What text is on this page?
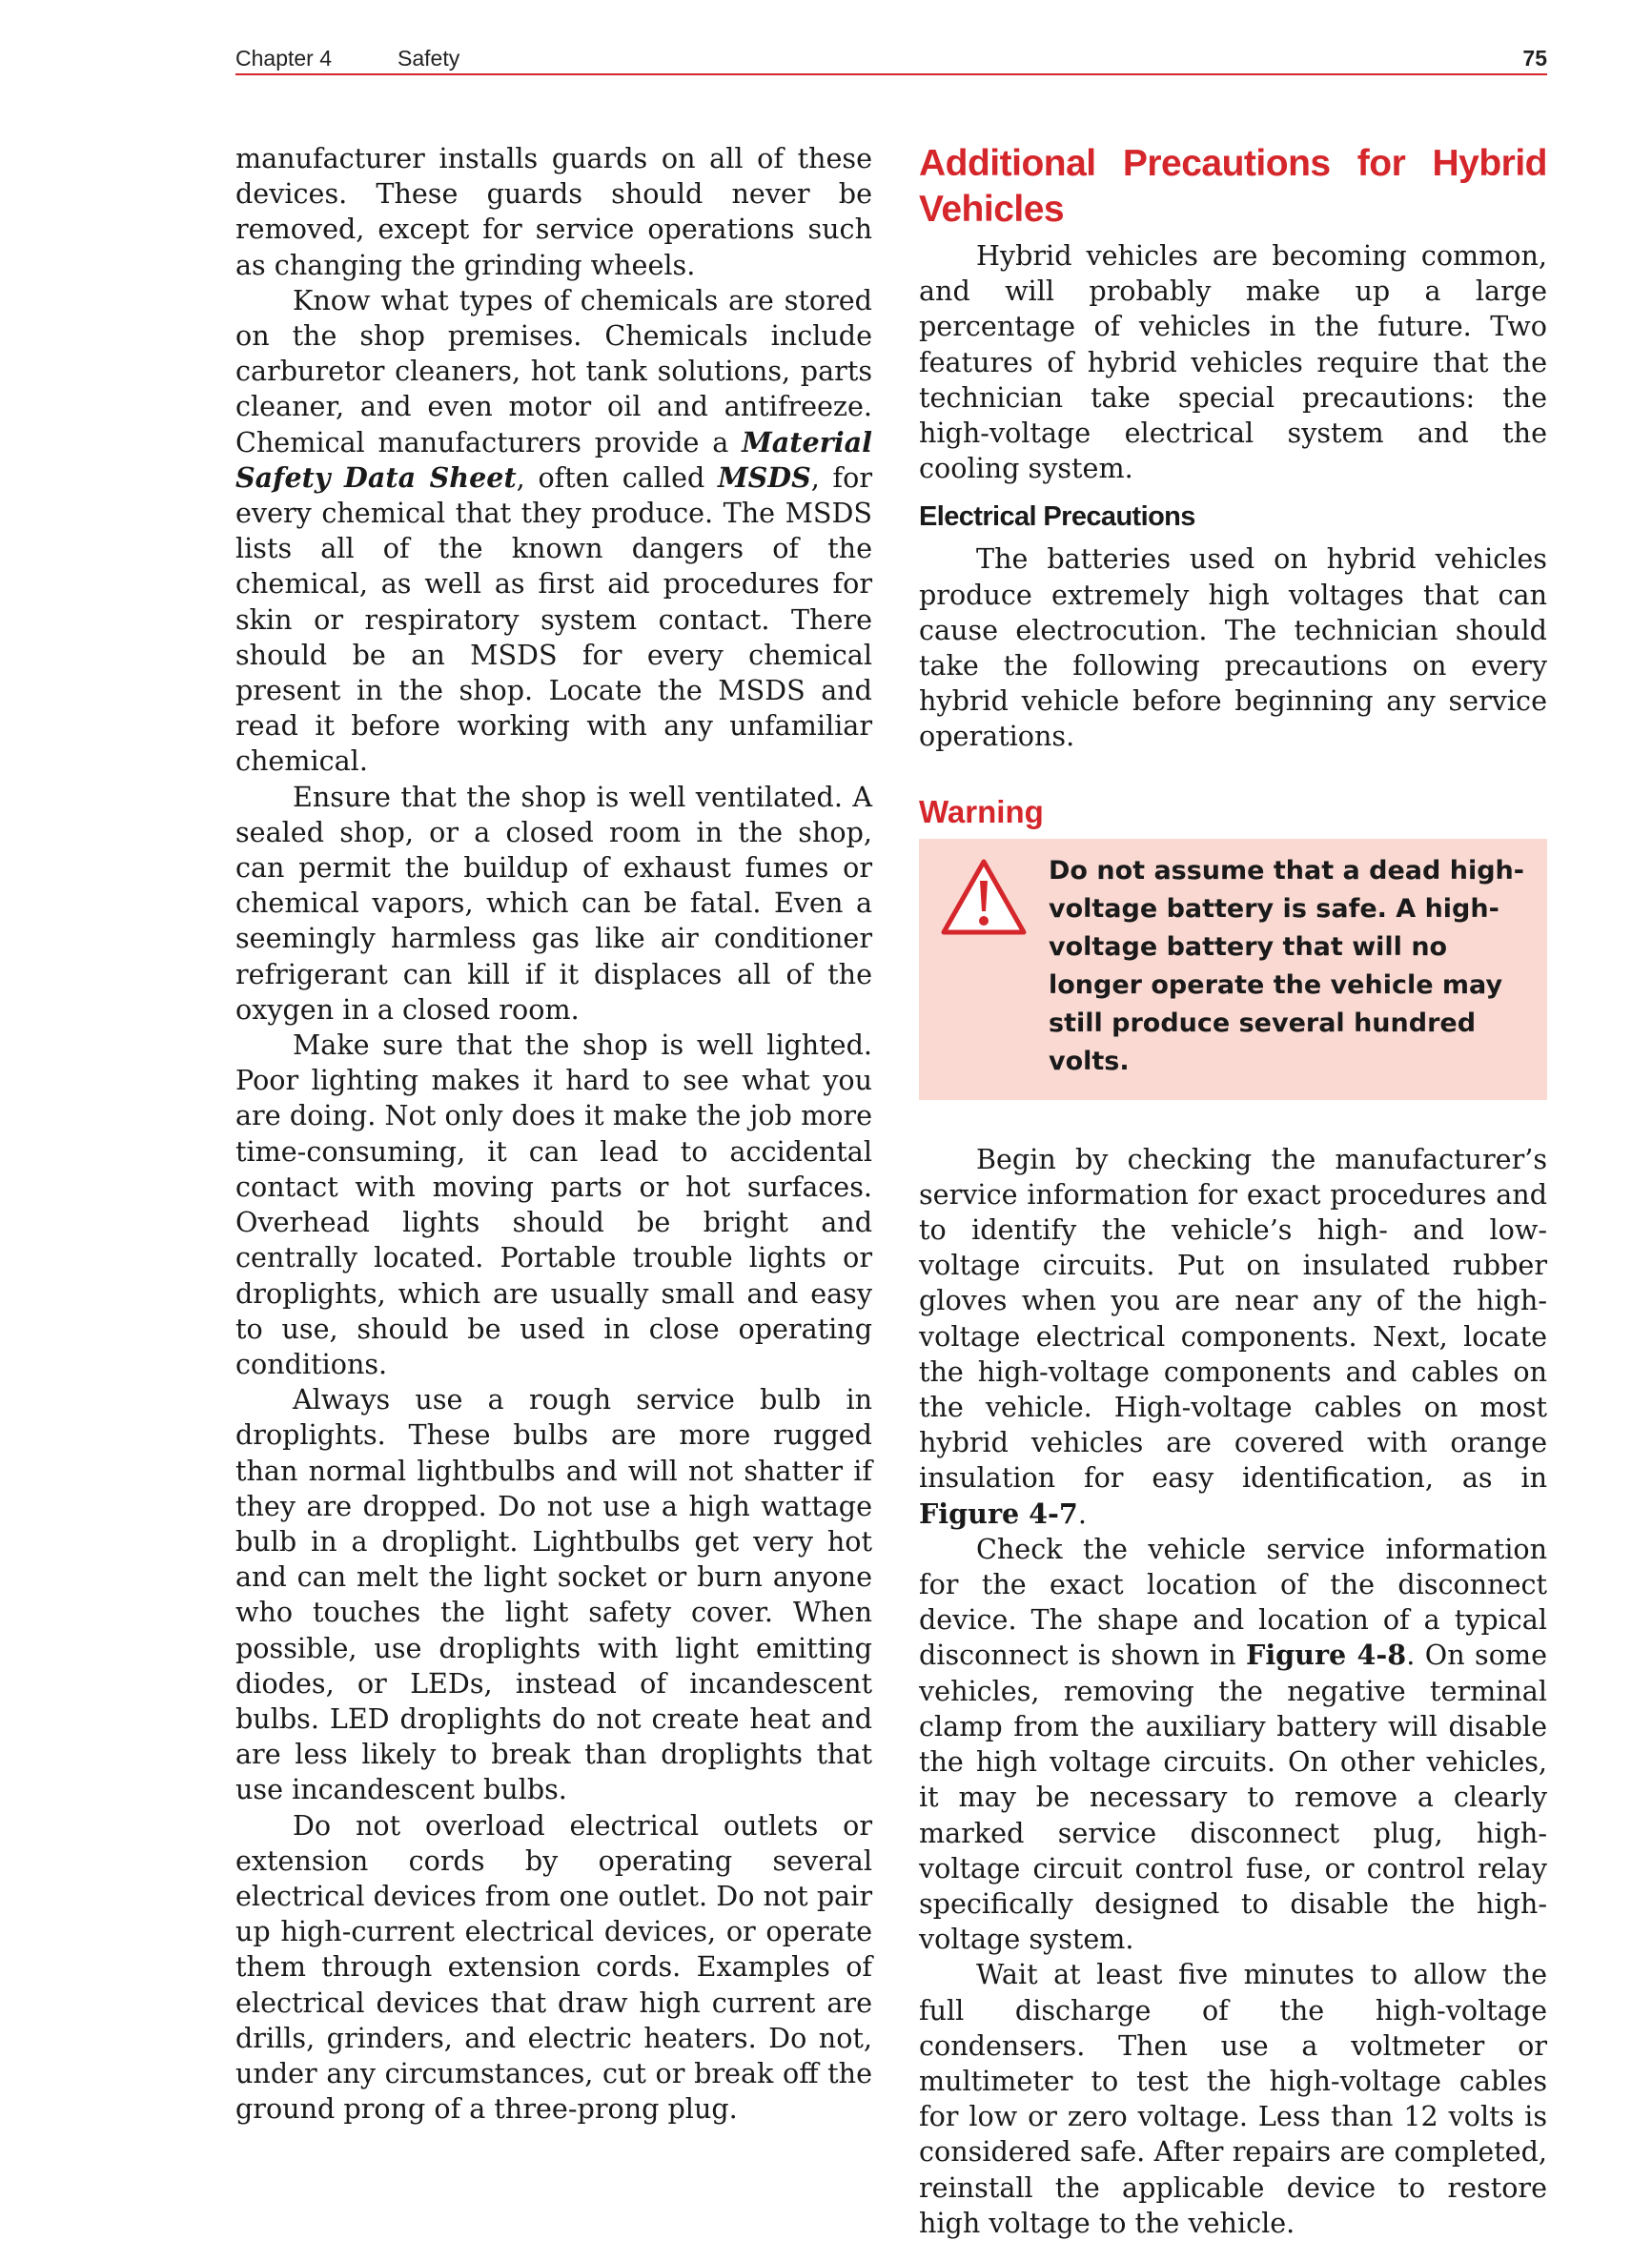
Chapter 4	Safety	75

manufacturer installs guards on all of these devices. These guards should never be removed, except for service operations such as changing the grinding wheels.

Know what types of chemicals are stored on the shop premises. Chemicals include carburetor cleaners, hot tank solutions, parts cleaner, and even motor oil and antifreeze. Chemical manufacturers provide a Material Safety Data Sheet, often called MSDS, for every chemical that they produce. The MSDS lists all of the known dangers of the chemical, as well as first aid procedures for skin or respiratory system contact. There should be an MSDS for every chemical present in the shop. Locate the MSDS and read it before working with any unfamiliar chemical.

Ensure that the shop is well ventilated. A sealed shop, or a closed room in the shop, can permit the buildup of exhaust fumes or chemical vapors, which can be fatal. Even a seemingly harmless gas like air conditioner refrigerant can kill if it displaces all of the oxygen in a closed room.

Make sure that the shop is well lighted. Poor lighting makes it hard to see what you are doing. Not only does it make the job more time-consuming, it can lead to accidental contact with moving parts or hot surfaces. Overhead lights should be bright and centrally located. Portable trouble lights or droplights, which are usually small and easy to use, should be used in close operating conditions.

Always use a rough service bulb in droplights. These bulbs are more rugged than normal lightbulbs and will not shatter if they are dropped. Do not use a high wattage bulb in a droplight. Lightbulbs get very hot and can melt the light socket or burn anyone who touches the light safety cover. When possible, use droplights with light emitting diodes, or LEDs, instead of incandescent bulbs. LED droplights do not create heat and are less likely to break than droplights that use incandescent bulbs.

Do not overload electrical outlets or extension cords by operating several electrical devices from one outlet. Do not pair up high-current electrical devices, or operate them through extension cords. Examples of electrical devices that draw high current are drills, grinders, and electric heaters. Do not, under any circumstances, cut or break off the ground prong of a three-prong plug.

Additional Precautions for Hybrid Vehicles

Hybrid vehicles are becoming common, and will probably make up a large percentage of vehicles in the future. Two features of hybrid vehicles require that the technician take special precautions: the high-voltage electrical system and the cooling system.

Electrical Precautions

The batteries used on hybrid vehicles produce extremely high voltages that can cause electrocution. The technician should take the following precautions on every hybrid vehicle before beginning any service operations.

Warning
Do not assume that a dead high-voltage battery is safe. A high-voltage battery that will no longer operate the vehicle may still produce several hundred volts.

Begin by checking the manufacturer’s service information for exact procedures and to identify the vehicle’s high- and low-voltage circuits. Put on insulated rubber gloves when you are near any of the high-voltage electrical components. Next, locate the high-voltage components and cables on the vehicle. High-voltage cables on most hybrid vehicles are covered with orange insulation for easy identification, as in Figure 4-7.

Check the vehicle service information for the exact location of the disconnect device. The shape and location of a typical disconnect is shown in Figure 4-8. On some vehicles, removing the negative terminal clamp from the auxiliary battery will disable the high voltage circuits. On other vehicles, it may be necessary to remove a clearly marked service disconnect plug, high-voltage circuit control fuse, or control relay specifically designed to disable the high-voltage system.

Wait at least five minutes to allow the full discharge of the high-voltage condensers. Then use a voltmeter or multimeter to test the high-voltage cables for low or zero voltage. Less than 12 volts is considered safe. After repairs are completed, reinstall the applicable device to restore high voltage to the vehicle.
